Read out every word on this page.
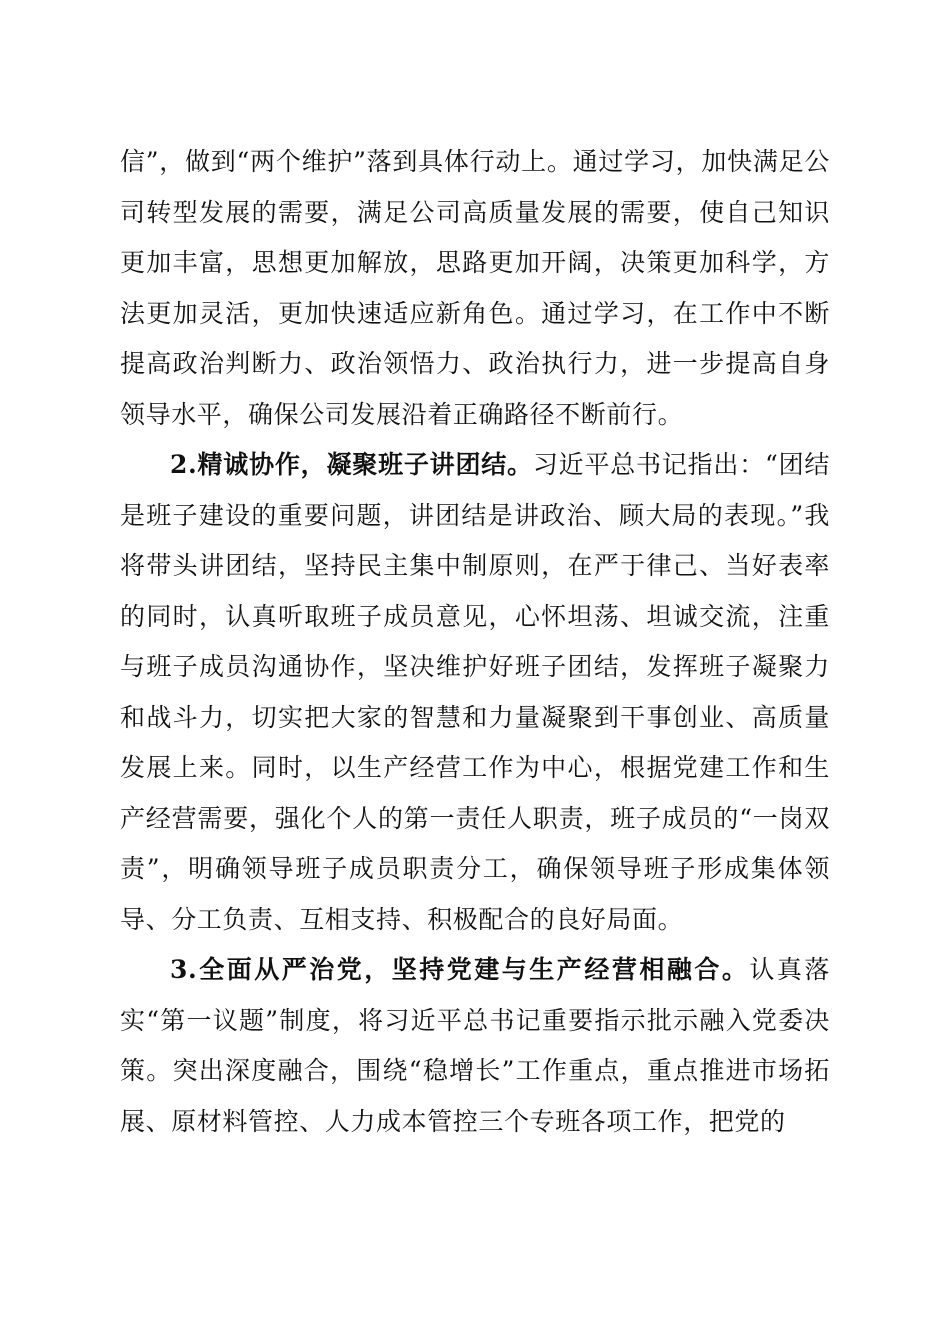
信”，做到“两个维护”落到具体行动上。通过学习，加快满足公司转型发展的需要，满足公司高质量发展的需要，使自己知识更加丰富，思想更加解放，思路更加开阔，决策更加科学，方法更加灵活，更加快速适应新角色。通过学习，在工作中不断提高政治判断力、政治领悟力、政治执行力，进一步提高自身领导水平，确保公司发展沿着正确路径不断前行。

2.精诚协作，凝聚班子讲团结。习近平总书记指出：“团结是班子建设的重要问题，讲团结是讲政治、顾大局的表现。”我将带头讲团结，坚持民主集中制原则，在严于律己、当好表率的同时，认真听取班子成员意见，心怀坦荡、坦诚交流，注重与班子成员沟通协作，坚决维护好班子团结，发挥班子凝聚力和战斗力，切实把大家的智慧和力量凝聚到干事创业、高质量发展上来。同时，以生产经营工作为中心，根据党建工作和生产经营需要，强化个人的第一责任人职责，班子成员的“一岗双责”，明确领导班子成员职责分工，确保领导班子形成集体领导、分工负责、互相支持、积极配合的良好局面。

3.全面从严治党，坚持党建与生产经营相融合。认真落实“第一议题”制度，将习近平总书记重要指示批示融入党委决策。突出深度融合，围绕“稳增长”工作重点，重点推进市场拓展、原材料管控、人力成本管控三个专班各项工作，把党的
